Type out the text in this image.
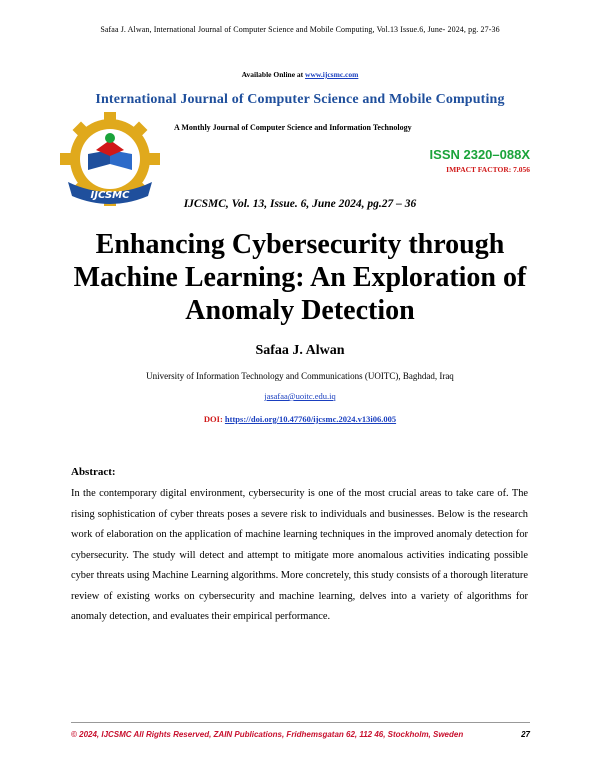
Safaa J. Alwan, International Journal of Computer Science and Mobile Computing, Vol.13 Issue.6, June- 2024, pg. 27-36
Available Online at www.ijcsmc.com
International Journal of Computer Science and Mobile Computing
A Monthly Journal of Computer Science and Information Technology
IJCSMC
ISSN 2320–088X
IMPACT FACTOR: 7.056
IJCSMC, Vol. 13, Issue. 6, June 2024, pg.27 – 36
Enhancing Cybersecurity through Machine Learning: An Exploration of Anomaly Detection
Safaa J. Alwan
University of Information Technology and Communications (UOITC), Baghdad, Iraq
jasafaa@uoitc.edu.iq
DOI: https://doi.org/10.47760/ijcsmc.2024.v13i06.005
Abstract:
In the contemporary digital environment, cybersecurity is one of the most crucial areas to take care of. The rising sophistication of cyber threats poses a severe risk to individuals and businesses. Below is the research work of elaboration on the application of machine learning techniques in the improved anomaly detection for cybersecurity. The study will detect and attempt to mitigate more anomalous activities indicating possible cyber threats using Machine Learning algorithms. More concretely, this study consists of a thorough literature review of existing works on cybersecurity and machine learning, delves into a variety of algorithms for anomaly detection, and evaluates their empirical performance.
© 2024, IJCSMC All Rights Reserved, ZAIN Publications, Fridhemsgatan 62, 112 46, Stockholm, Sweden	27
